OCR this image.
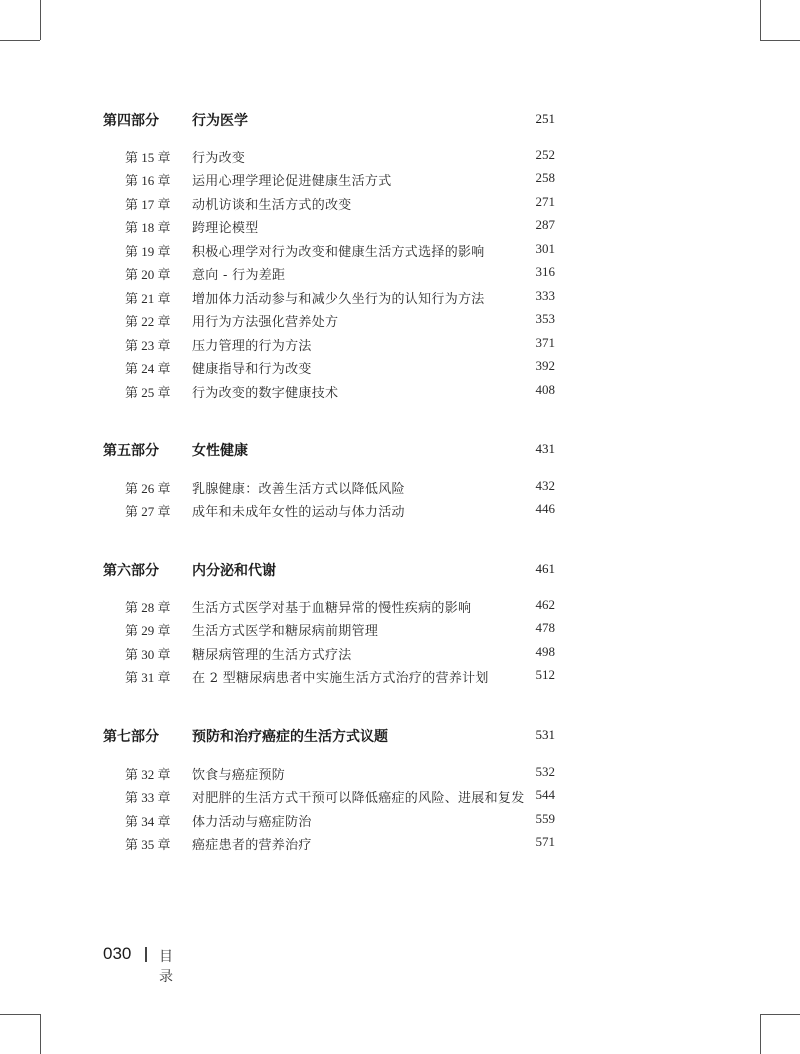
第四部分 行为医学	251
第 15 章 行为改变	252
第 16 章 运用心理学理论促进健康生活方式	258
第 17 章 动机访谈和生活方式的改变	271
第 18 章 跨理论模型	287
第 19 章 积极心理学对行为改变和健康生活方式选择的影响	301
第 20 章 意向 - 行为差距	316
第 21 章 增加体力活动参与和减少久坐行为的认知行为方法	333
第 22 章 用行为方法强化营养处方	353
第 23 章 压力管理的行为方法	371
第 24 章 健康指导和行为改变	392
第 25 章 行为改变的数字健康技术	408
第五部分 女性健康	431
第 26 章 乳腺健康：改善生活方式以降低风险	432
第 27 章 成年和未成年女性的运动与体力活动	446
第六部分 内分泌和代谢	461
第 28 章 生活方式医学对基于血糖异常的慢性疾病的影响	462
第 29 章 生活方式医学和糖尿病前期管理	478
第 30 章 糖尿病管理的生活方式疗法	498
第 31 章 在 2 型糖尿病患者中实施生活方式治疗的营养计划	512
第七部分 预防和治疗癌症的生活方式议题	531
第 32 章 饮食与癌症预防	532
第 33 章 对肥胖的生活方式干预可以降低癌症的风险、进展和复发 544
第 34 章 体力活动与癌症防治	559
第 35 章 癌症患者的营养治疗	571
030 目录
